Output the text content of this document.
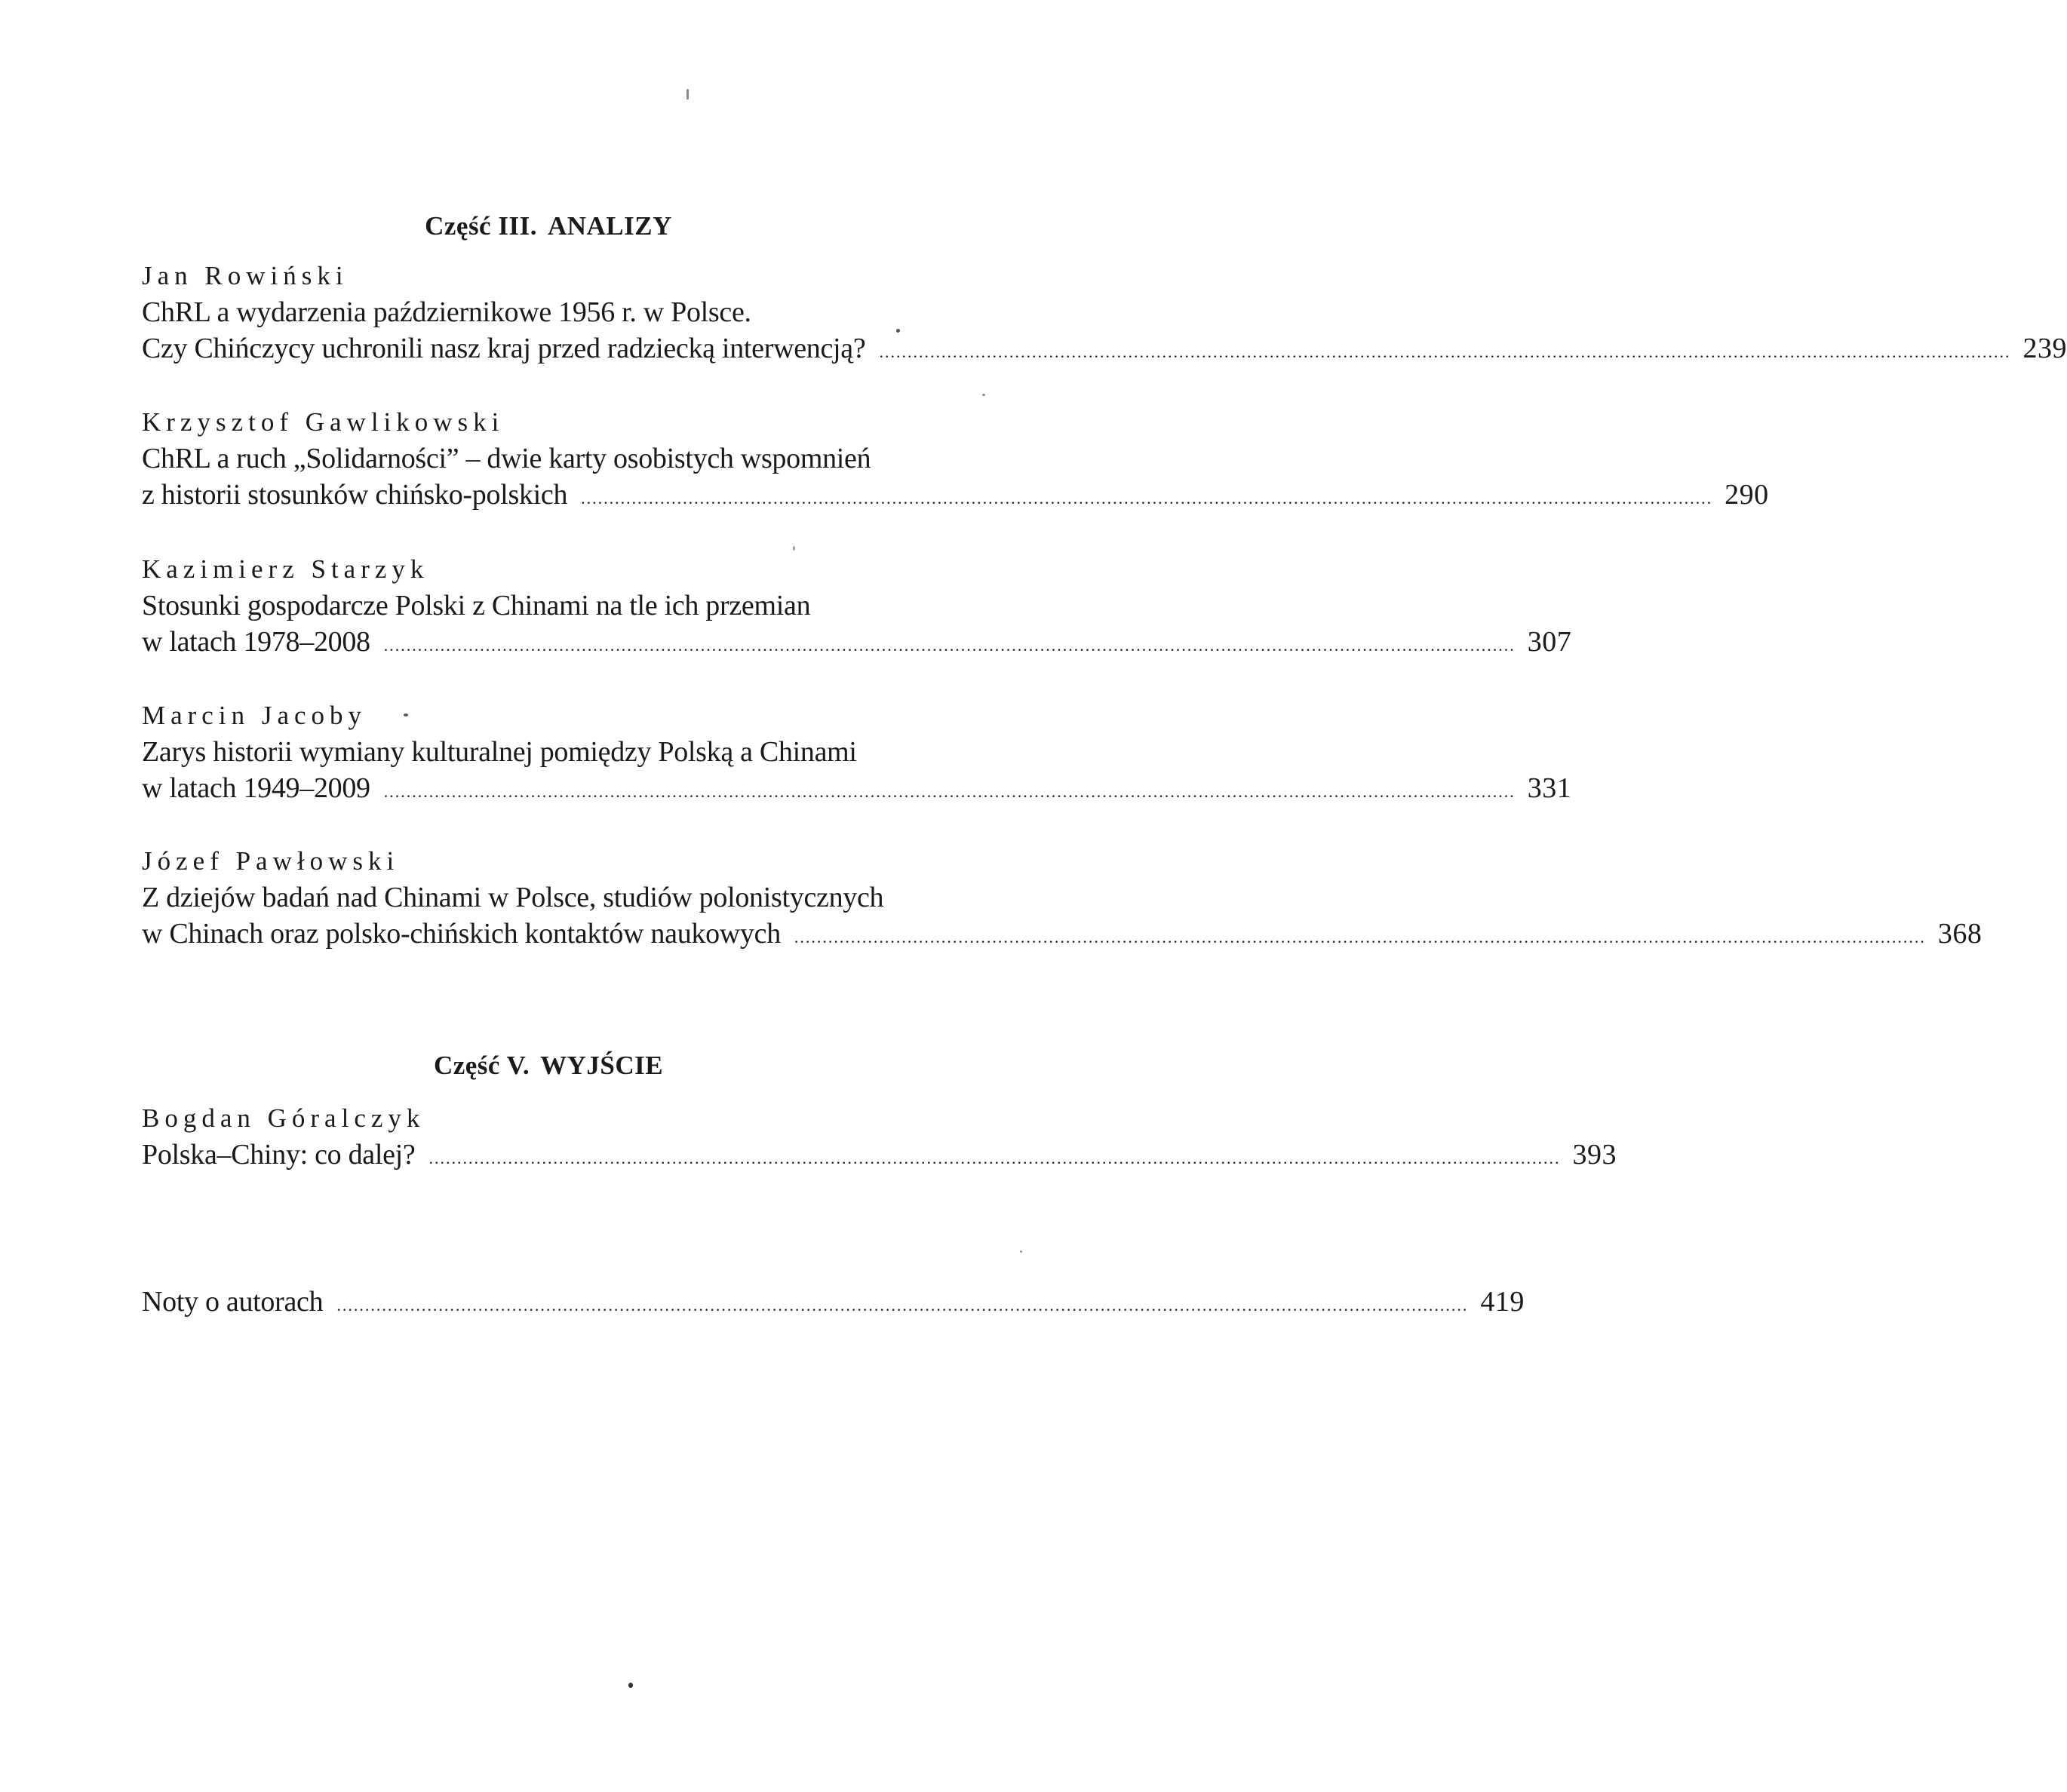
Część III. ANALIZY
Jan Rowiński
ChRL a wydarzenia październikowe 1956 r. w Polsce.
Czy Chińczycy uchronili nasz kraj przed radziecką interwencją? ........................................................................................................................................................................................................ 239
Krzysztof Gawlikowski
ChRL a ruch „Solidarności” – dwie karty osobistych wspomnień
z historii stosunków chińsko-polskich ........................................................................................................................................................................................................ 290
Kazimierz Starzyk
Stosunki gospodarcze Polski z Chinami na tle ich przemian
w latach 1978–2008 ........................................................................................................................................................................................................ 307
Marcin Jacoby
Zarys historii wymiany kulturalnej pomiędzy Polską a Chinami
w latach 1949–2009 ........................................................................................................................................................................................................ 331
Józef Pawłowski
Z dziejów badań nad Chinami w Polsce, studiów polonistycznych
w Chinach oraz polsko-chińskich kontaktów naukowych ........................................................................................................................................................................................................ 368
Część V. WYJŚCIE
Bogdan Góralczyk
Polska–Chiny: co dalej? ........................................................................................................................................................................................................ 393
Noty o autorach ........................................................................................................................................................................................................ 419
